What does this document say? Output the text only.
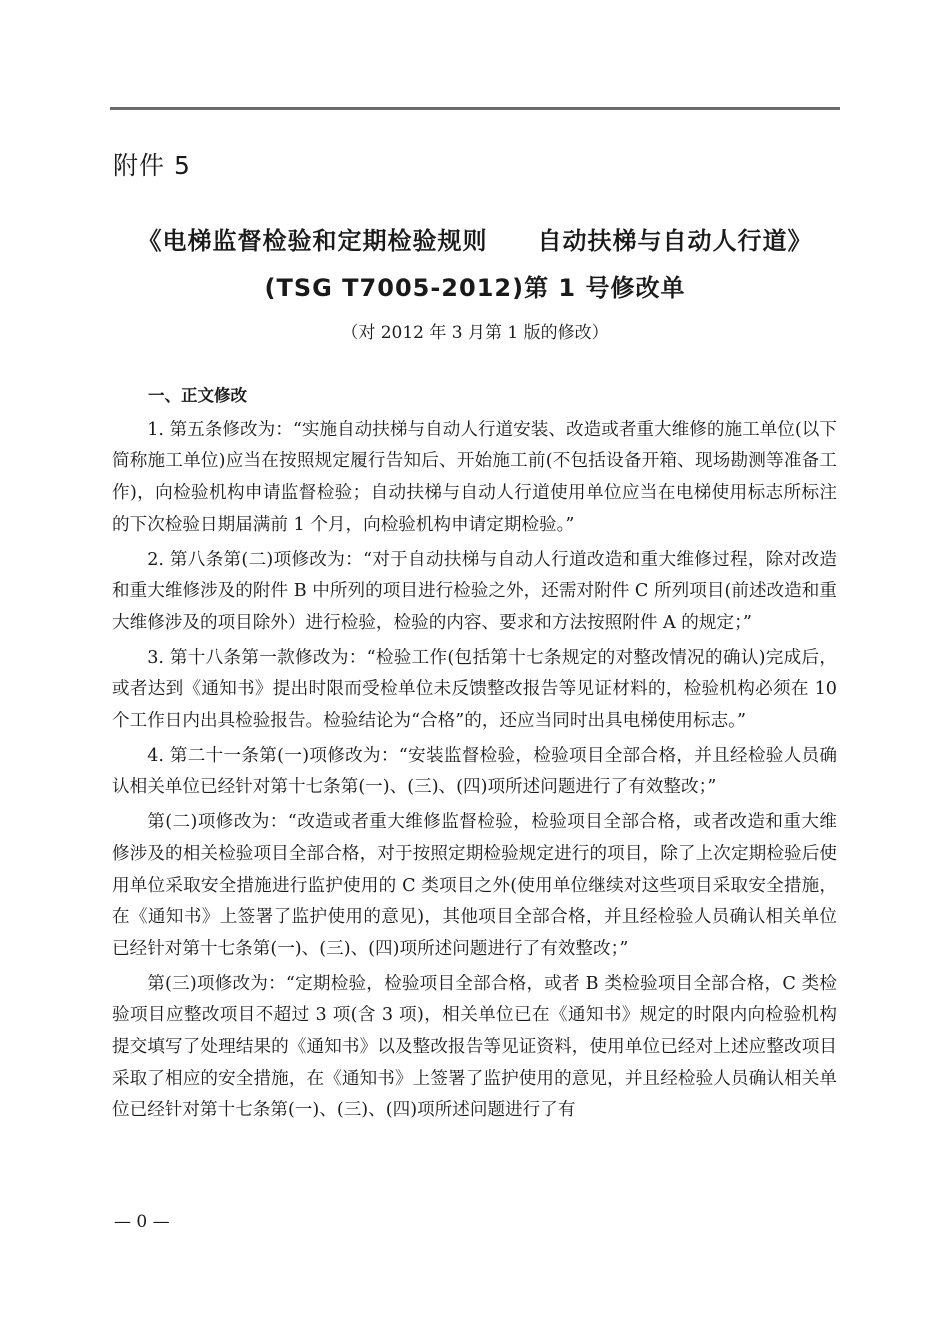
附件 5
《电梯监督检验和定期检验规则　　自动扶梯与自动人行道》
(TSG T7005-2012)第 1 号修改单
（对 2012 年 3 月第 1 版的修改）

一、正文修改

1. 第五条修改为：“实施自动扶梯与自动人行道安装、改造或者重大维修的施工单位(以下简称施工单位)应当在按照规定履行告知后、开始施工前(不包括设备开箱、现场勘测等准备工作)，向检验机构申请监督检验；自动扶梯与自动人行道使用单位应当在电梯使用标志所标注的下次检验日期届满前 1 个月，向检验机构申请定期检验。”

2. 第八条第(二)项修改为：“对于自动扶梯与自动人行道改造和重大维修过程，除对改造和重大维修涉及的附件 B 中所列的项目进行检验之外，还需对附件 C 所列项目(前述改造和重大维修涉及的项目除外）进行检验，检验的内容、要求和方法按照附件 A 的规定；”

3. 第十八条第一款修改为：“检验工作(包括第十七条规定的对整改情况的确认)完成后，或者达到《通知书》提出时限而受检单位未反馈整改报告等见证材料的，检验机构必须在 10 个工作日内出具检验报告。检验结论为“合格”的，还应当同时出具电梯使用标志。”

4. 第二十一条第(一)项修改为：“安装监督检验，检验项目全部合格，并且经检验人员确认相关单位已经针对第十七条第(一)、(三)、(四)项所述问题进行了有效整改；”

第(二)项修改为：“改造或者重大维修监督检验，检验项目全部合格，或者改造和重大维修涉及的相关检验项目全部合格，对于按照定期检验规定进行的项目，除了上次定期检验后使用单位采取安全措施进行监护使用的 C 类项目之外(使用单位继续对这些项目采取安全措施，在《通知书》上签署了监护使用的意见)，其他项目全部合格，并且经检验人员确认相关单位已经针对第十七条第(一)、(三)、(四)项所述问题进行了有效整改；”

第(三)项修改为：“定期检验，检验项目全部合格，或者 B 类检验项目全部合格，C 类检验项目应整改项目不超过 3 项(含 3 项)，相关单位已在《通知书》规定的时限内向检验机构提交填写了处理结果的《通知书》以及整改报告等见证资料，使用单位已经对上述应整改项目采取了相应的安全措施，在《通知书》上签署了监护使用的意见，并且经检验人员确认相关单位已经针对第十七条第(一)、(三)、(四)项所述问题进行了有

— 0 —
